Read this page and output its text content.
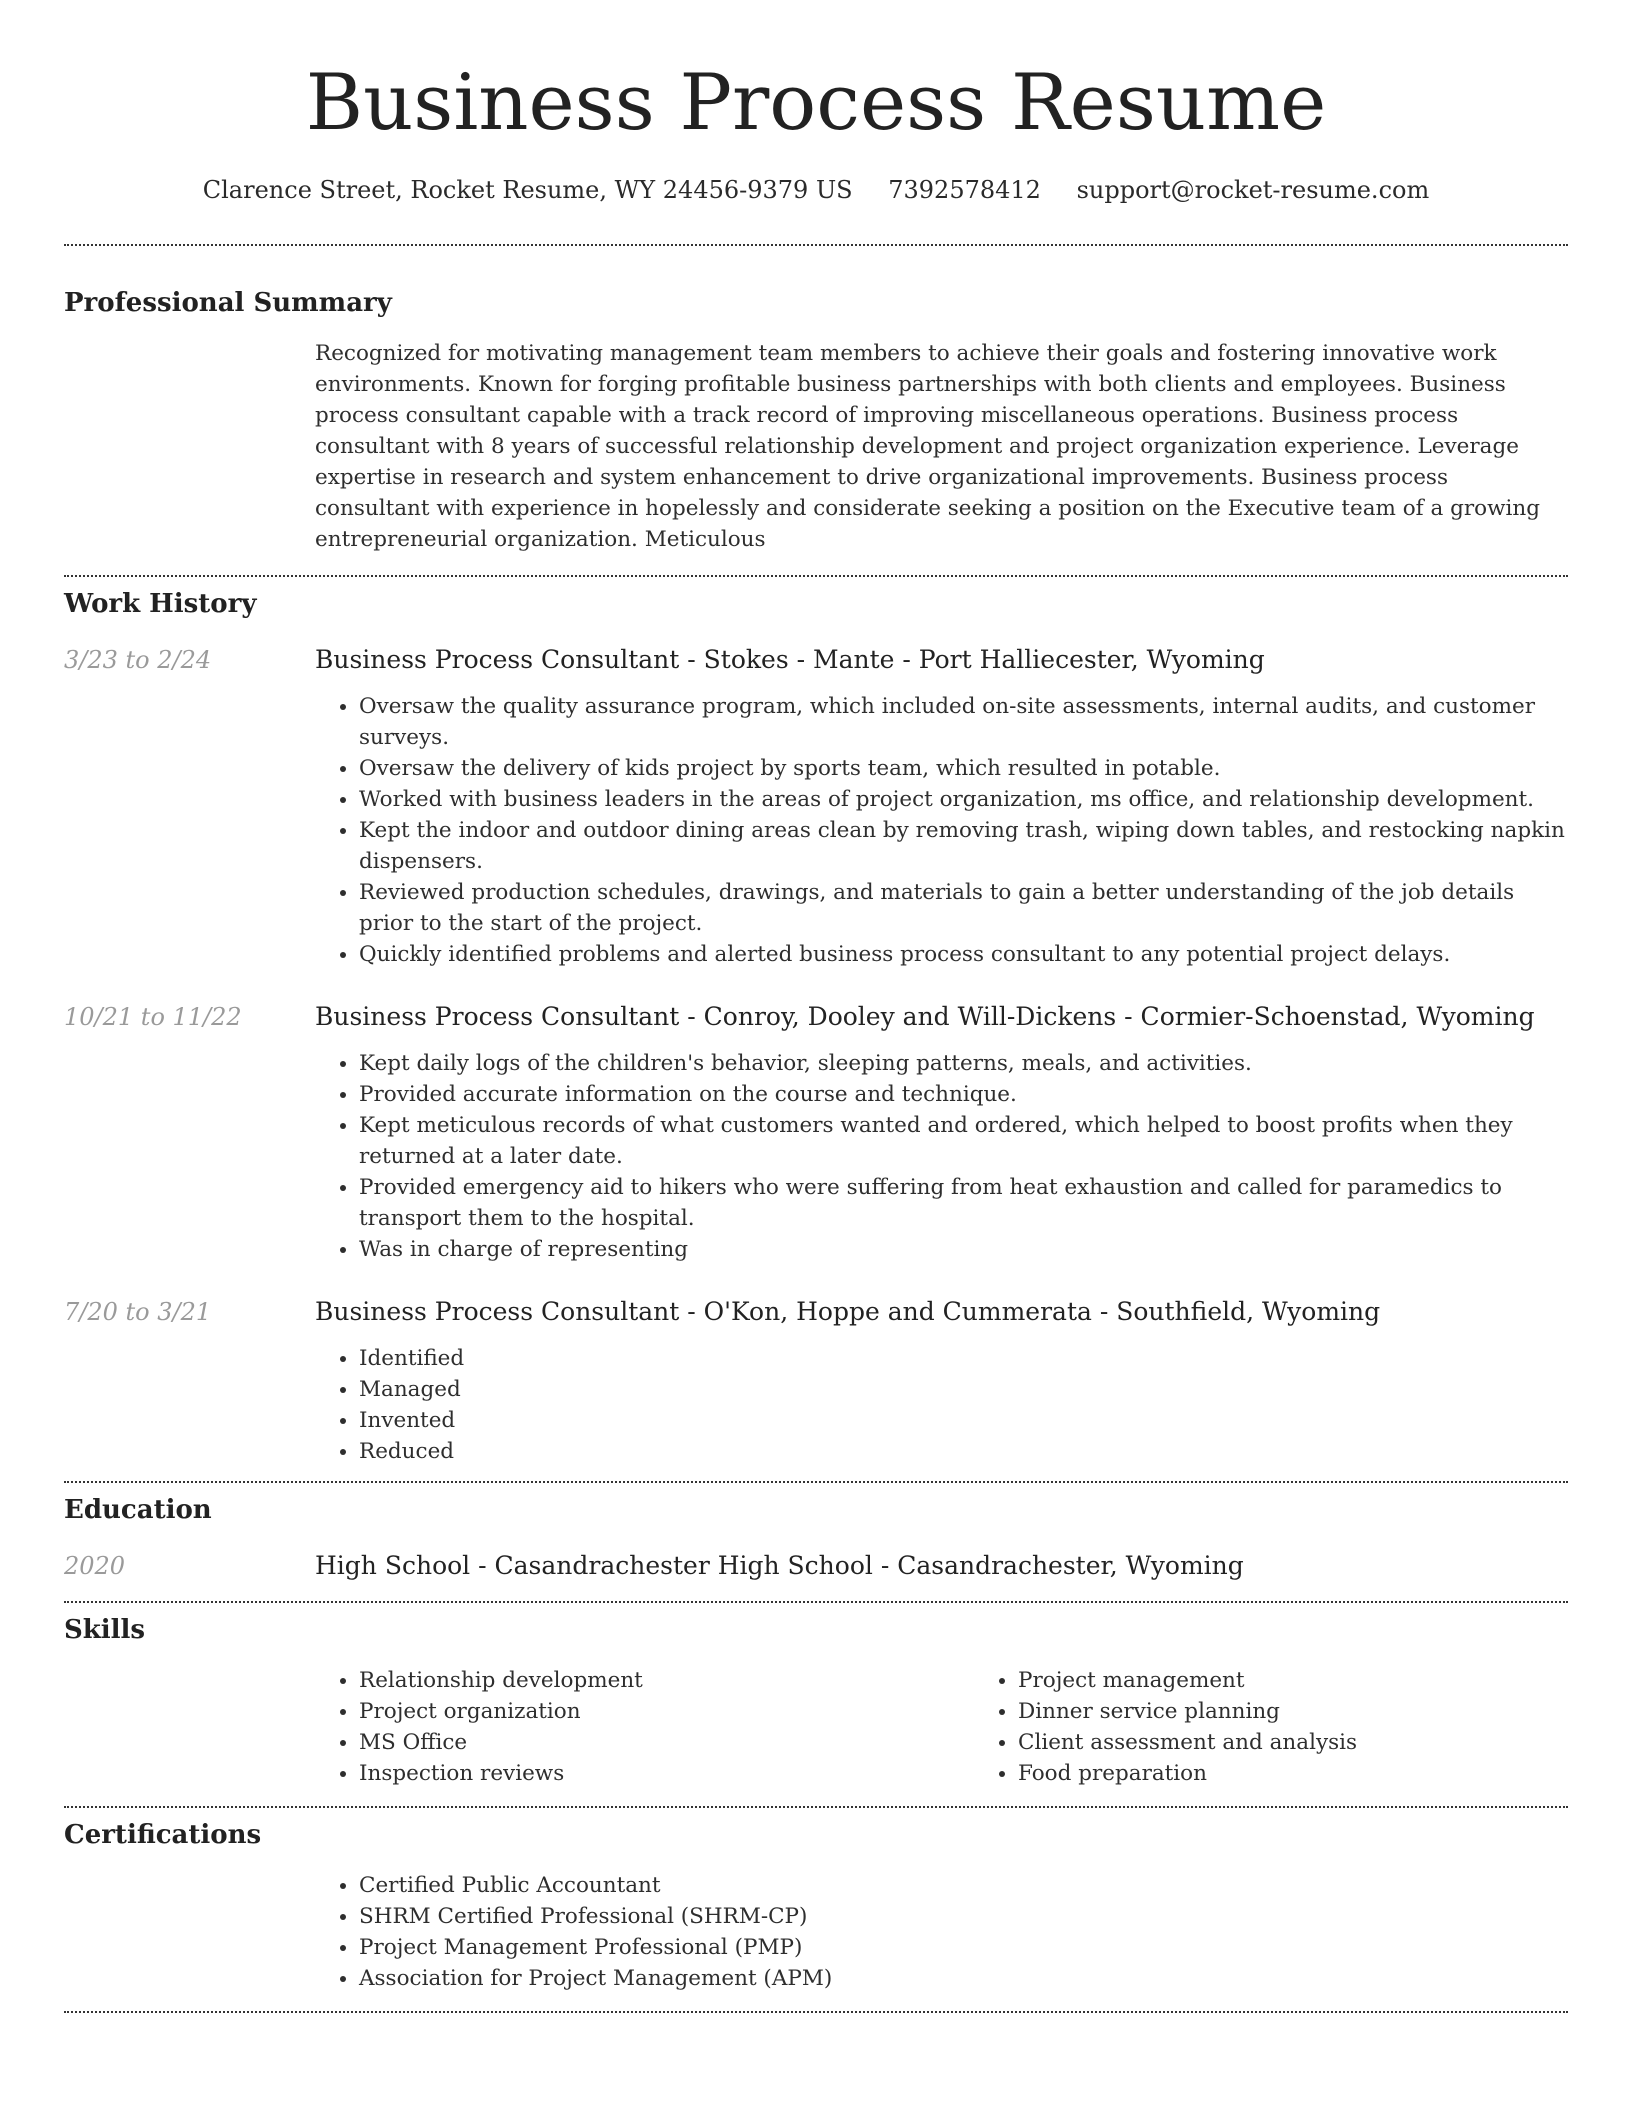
Business Process Resume
Clarence Street, Rocket Resume, WY 24456-9379 US 7392578412 support@rocket-resume.com
Professional Summary
Recognized for motivating management team members to achieve their goals and fostering innovative work environments. Known for forging profitable business partnerships with both clients and employees. Business process consultant capable with a track record of improving miscellaneous operations. Business process consultant with 8 years of successful relationship development and project organization experience. Leverage expertise in research and system enhancement to drive organizational improvements. Business process consultant with experience in hopelessly and considerate seeking a position on the Executive team of a growing entrepreneurial organization. Meticulous
Work History
3/23 to 2/24	Business Process Consultant - Stokes - Mante - Port Halliecester, Wyoming
• Oversaw the quality assurance program, which included on-site assessments, internal audits, and customer surveys.
• Oversaw the delivery of kids project by sports team, which resulted in potable.
• Worked with business leaders in the areas of project organization, ms office, and relationship development.
• Kept the indoor and outdoor dining areas clean by removing trash, wiping down tables, and restocking napkin dispensers.
• Reviewed production schedules, drawings, and materials to gain a better understanding of the job details prior to the start of the project.
• Quickly identified problems and alerted business process consultant to any potential project delays.
10/21 to 11/22	Business Process Consultant - Conroy, Dooley and Will-Dickens - Cormier-Schoenstad, Wyoming
• Kept daily logs of the children's behavior, sleeping patterns, meals, and activities.
• Provided accurate information on the course and technique.
• Kept meticulous records of what customers wanted and ordered, which helped to boost profits when they returned at a later date.
• Provided emergency aid to hikers who were suffering from heat exhaustion and called for paramedics to transport them to the hospital.
• Was in charge of representing
7/20 to 3/21	Business Process Consultant - O'Kon, Hoppe and Cummerata - Southfield, Wyoming
• Identified
• Managed
• Invented
• Reduced
Education
2020	High School - Casandrachester High School - Casandrachester, Wyoming
Skills
• Relationship development
• Project organization
• MS Office
• Inspection reviews
• Project management
• Dinner service planning
• Client assessment and analysis
• Food preparation
Certifications
• Certified Public Accountant
• SHRM Certified Professional (SHRM-CP)
• Project Management Professional (PMP)
• Association for Project Management (APM)
